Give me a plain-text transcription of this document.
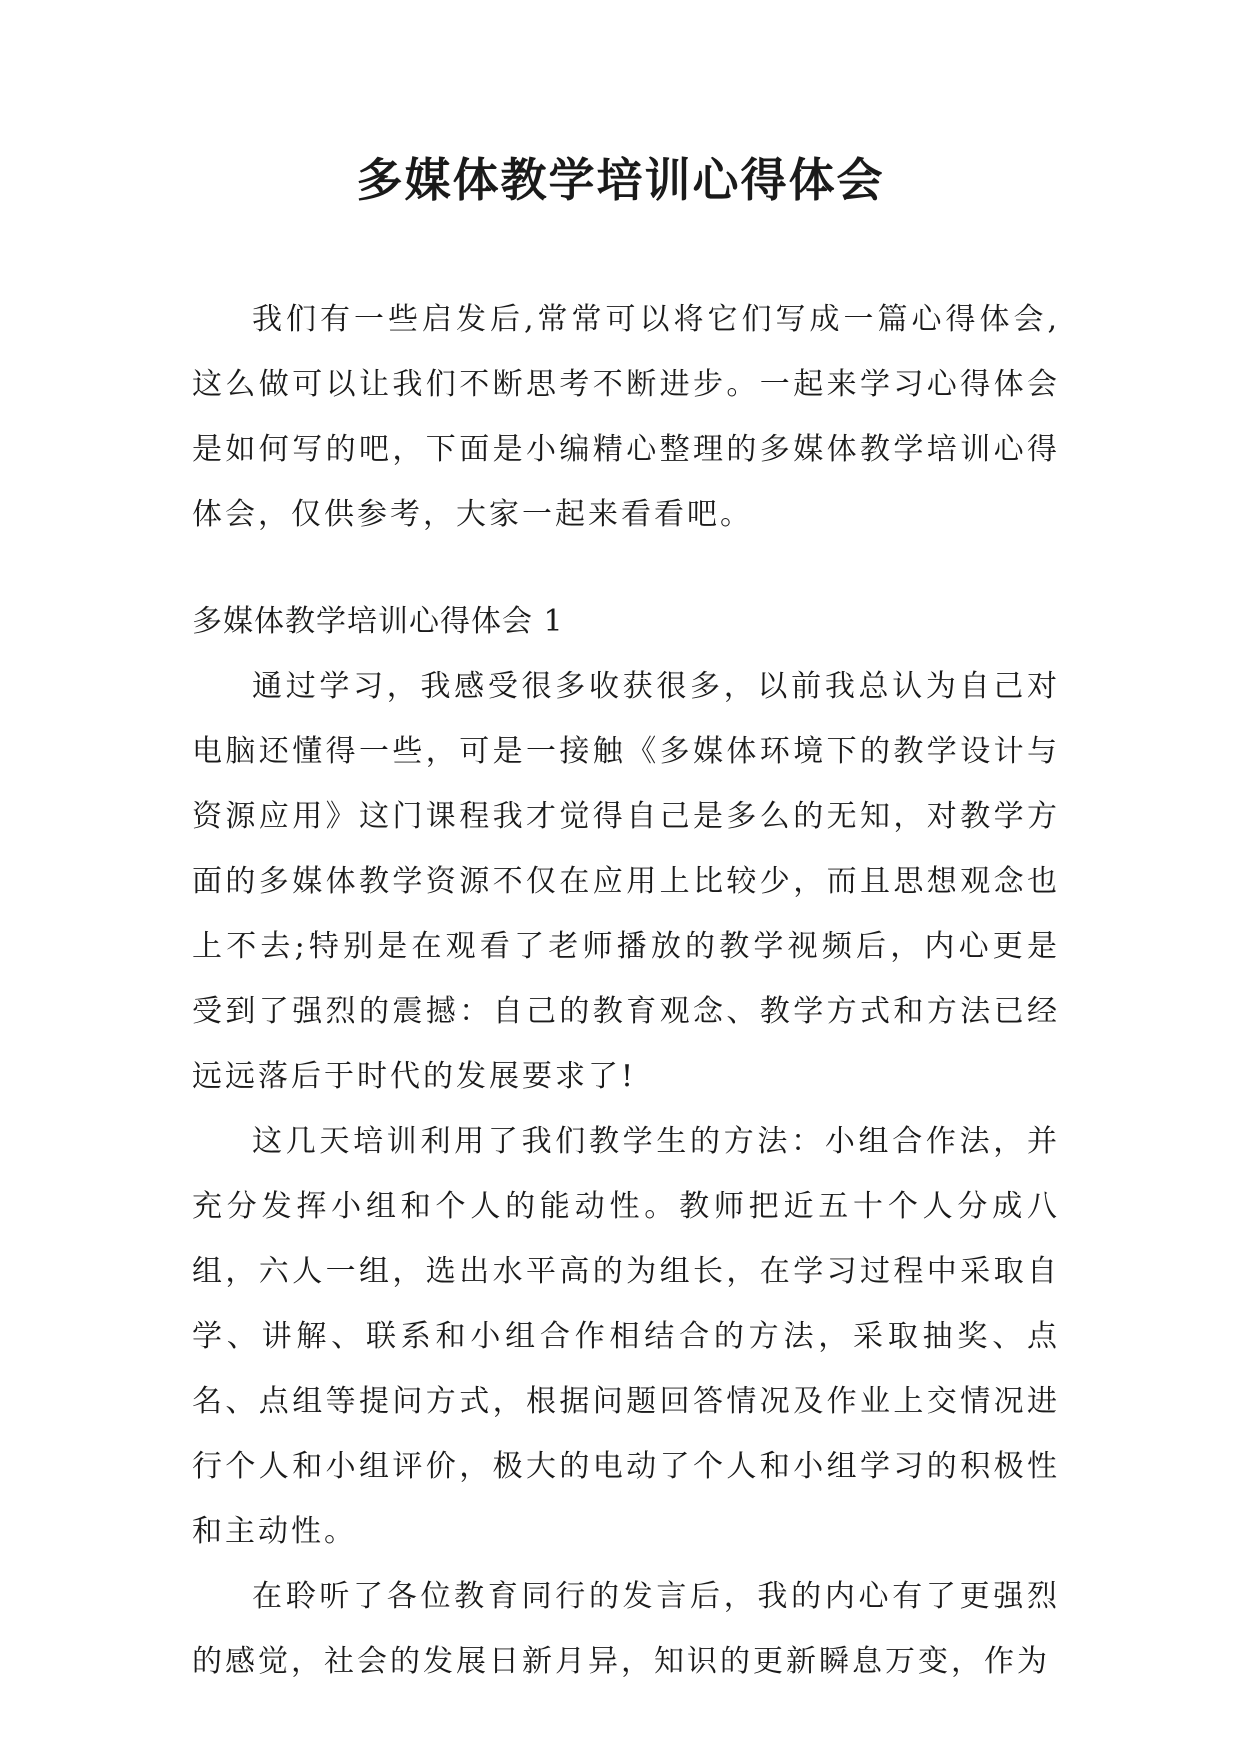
多媒体教学培训心得体会

我们有一些启发后,常常可以将它们写成一篇心得体会,这么做可以让我们不断思考不断进步。一起来学习心得体会是如何写的吧，下面是小编精心整理的多媒体教学培训心得体会，仅供参考，大家一起来看看吧。

多媒体教学培训心得体会 1

通过学习，我感受很多收获很多，以前我总认为自己对电脑还懂得一些，可是一接触《多媒体环境下的教学设计与资源应用》这门课程我才觉得自己是多么的无知，对教学方面的多媒体教学资源不仅在应用上比较少，而且思想观念也上不去;特别是在观看了老师播放的教学视频后，内心更是受到了强烈的震撼：自己的教育观念、教学方式和方法已经远远落后于时代的发展要求了!

这几天培训利用了我们教学生的方法：小组合作法，并充分发挥小组和个人的能动性。教师把近五十个人分成八组，六人一组，选出水平高的为组长，在学习过程中采取自学、讲解、联系和小组合作相结合的方法，采取抽奖、点名、点组等提问方式，根据问题回答情况及作业上交情况进行个人和小组评价，极大的电动了个人和小组学习的积极性和主动性。

在聆听了各位教育同行的发言后，我的内心有了更强烈的感觉，社会的发展日新月异，知识的更新瞬息万变，作为
